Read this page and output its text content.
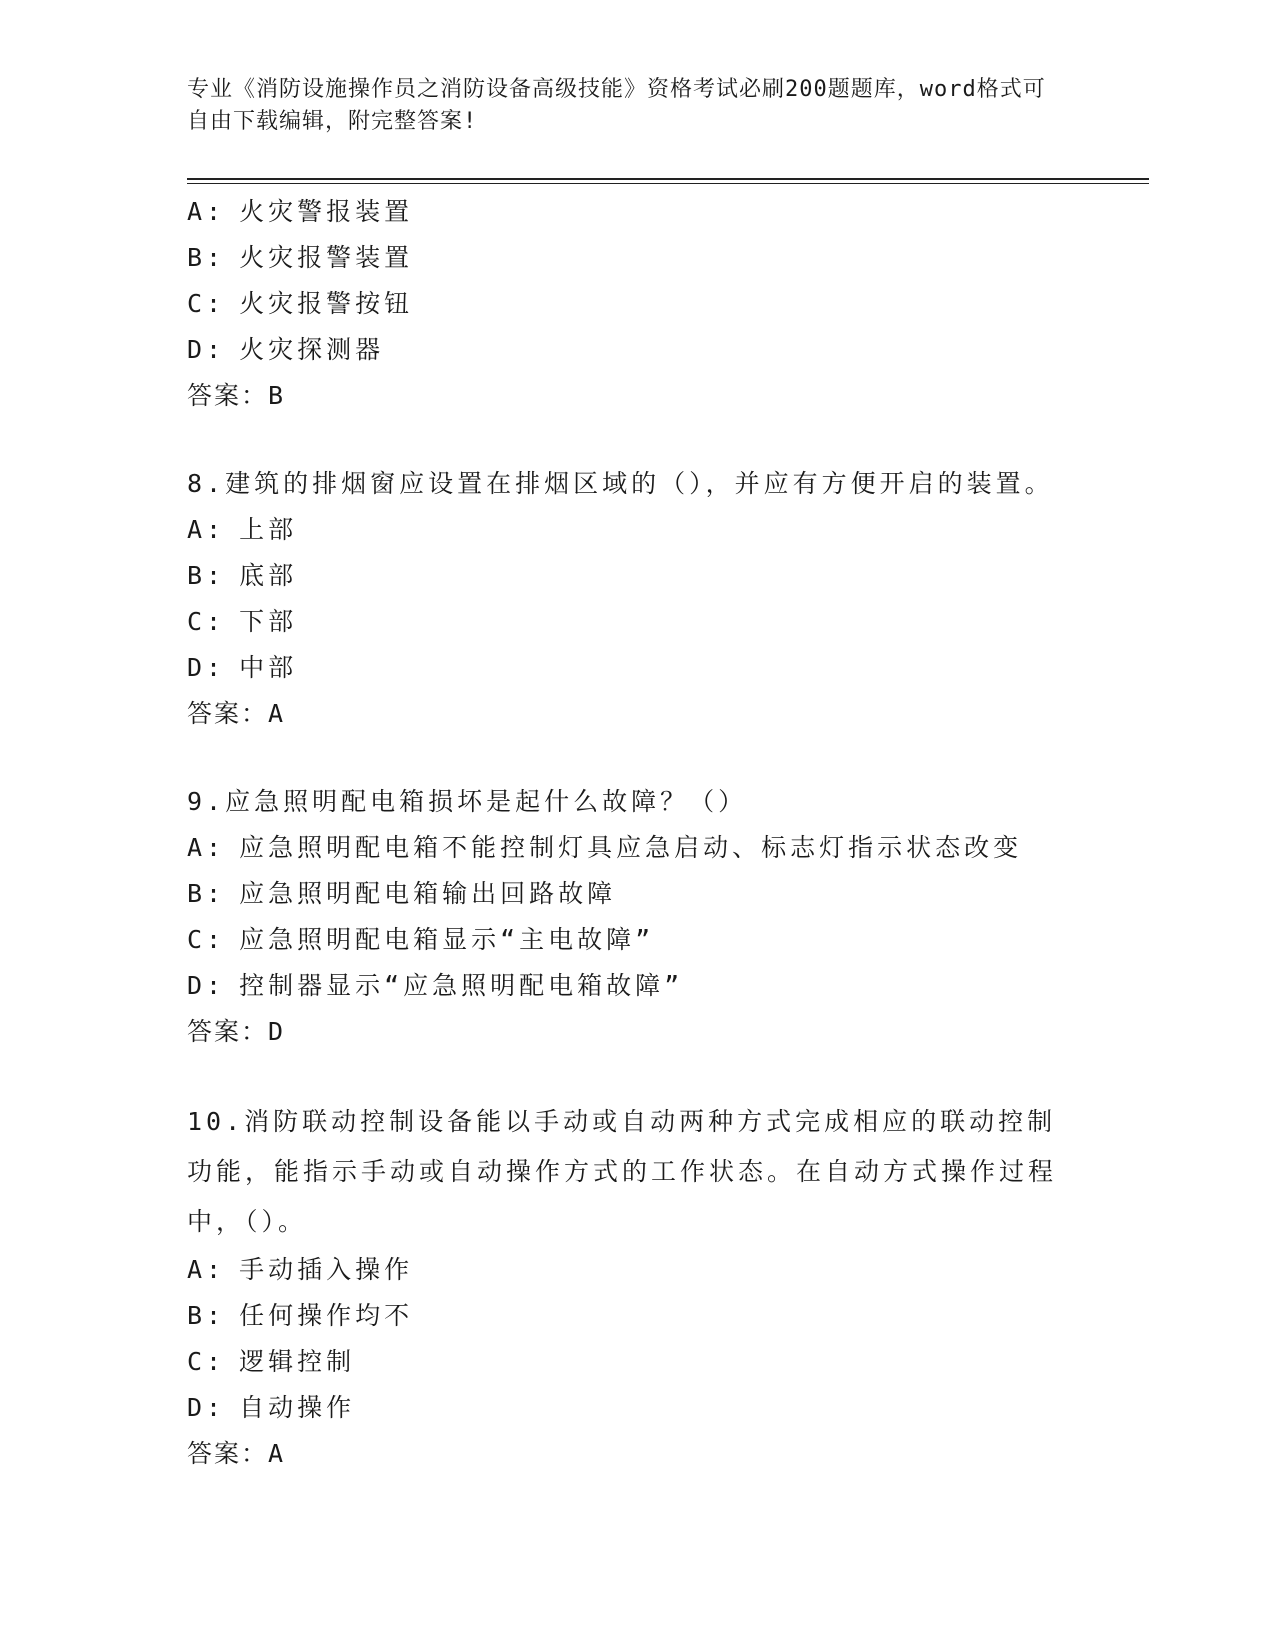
专业《消防设施操作员之消防设备高级技能》资格考试必刷200题题库，word格式可自由下载编辑，附完整答案!

A: 火灾警报装置
B: 火灾报警装置
C: 火灾报警按钮
D: 火灾探测器
答案：B
8.建筑的排烟窗应设置在排烟区域的（），并应有方便开启的装置。
A: 上部
B: 底部
C: 下部
D: 中部
答案：A
9.应急照明配电箱损坏是起什么故障？（）
A: 应急照明配电箱不能控制灯具应急启动、标志灯指示状态改变
B: 应急照明配电箱输出回路故障
C: 应急照明配电箱显示“主电故障”
D: 控制器显示“应急照明配电箱故障”
答案：D
10.消防联动控制设备能以手动或自动两种方式完成相应的联动控制功能，能指示手动或自动操作方式的工作状态。在自动方式操作过程中，（）。
A: 手动插入操作
B: 任何操作均不
C: 逻辑控制
D: 自动操作
答案：A
